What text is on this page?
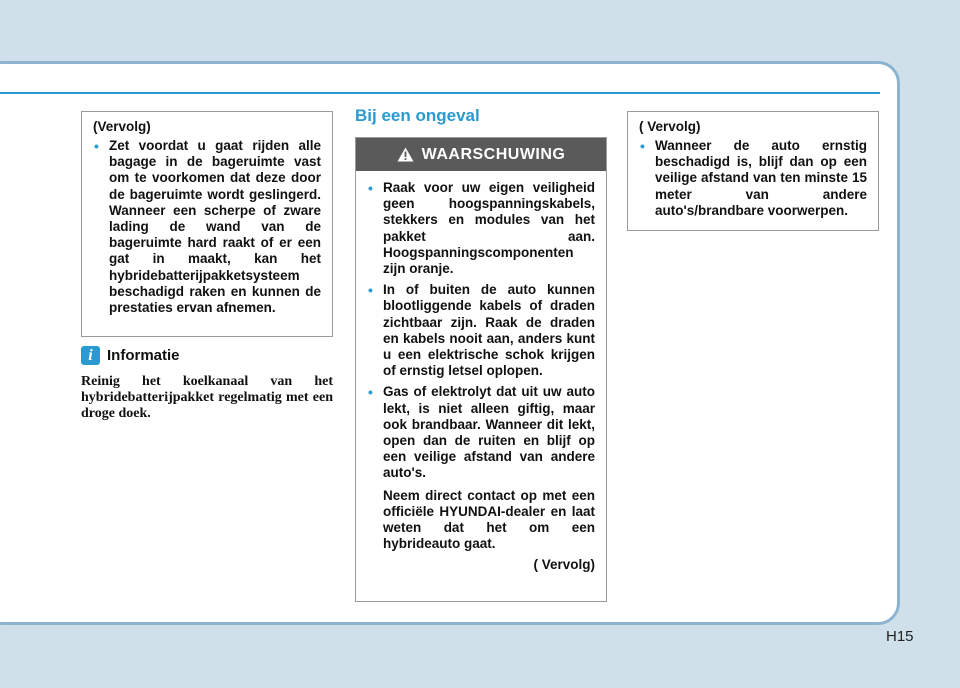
(Vervolg)
• Zet voordat u gaat rijden alle bagage in de bageruimte vast om te voorkomen dat deze door de bageruimte wordt geslingerd. Wanneer een scherpe of zware lading de wand van de bageruimte hard raakt of er een gat in maakt, kan het hybridebatterijpakketsysteem beschadigd raken en kunnen de prestaties ervan afnemen.
i Informatie
Reinig het koelkanaal van het hybridebatterijpakket regelmatig met een droge doek.
Bij een ongeval
WAARSCHUWING
• Raak voor uw eigen veiligheid geen hoogspanningskabels, stekkers en modules van het pakket aan. Hoogspanningscomponenten zijn oranje.
• In of buiten de auto kunnen blootliggende kabels of draden zichtbaar zijn. Raak de draden en kabels nooit aan, anders kunt u een elektrische schok krijgen of ernstig letsel oplopen.
• Gas of elektrolyt dat uit uw auto lekt, is niet alleen giftig, maar ook brandbaar. Wanneer dit lekt, open dan de ruiten en blijf op een veilige afstand van andere auto's.
Neem direct contact op met een officiële HYUNDAI-dealer en laat weten dat het om een hybrideauto gaat.
( Vervolg)
( Vervolg)
• Wanneer de auto ernstig beschadigd is, blijf dan op een veilige afstand van ten minste 15 meter van andere auto's/brandbare voorwerpen.
H15
